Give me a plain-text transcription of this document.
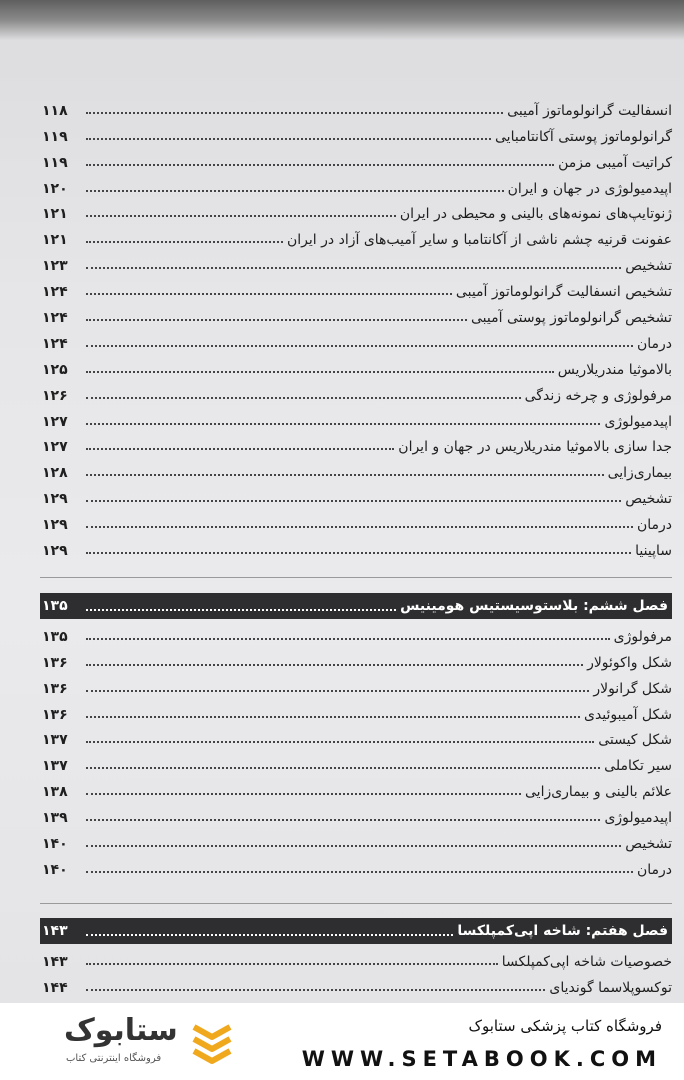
انسفالیت گرانولوماتوز آمیبی
۱۱۸
گرانولوماتوز پوستی آکانتامبایی
۱۱۹
کراتیت آمیبی مزمن
۱۱۹
اپیدمیولوژی در جهان و ایران
۱۲۰
ژنوتایپ‌های نمونه‌های بالینی و محیطی در ایران
۱۲۱
عفونت قرنیه چشم ناشی از آکانتامبا و سایر آمیب‌های آزاد در ایران
۱۲۱
تشخیص
۱۲۳
تشخیص انسفالیت گرانولوماتوز آمیبی
۱۲۴
تشخیص گرانولوماتوز پوستی آمیبی
۱۲۴
درمان
۱۲۴
بالاموثیا مندریلاریس
۱۲۵
مرفولوژی و چرخه زندگی
۱۲۶
اپیدمیولوژی
۱۲۷
جدا سازی بالاموثیا مندریلاریس در جهان و ایران
۱۲۷
بیماری‌زایی
۱۲۸
تشخیص
۱۲۹
درمان
۱۲۹
ساپینیا
۱۲۹
فصل ششم: بلاستوسیستیس هومینیس
۱۳۵
مرفولوژی
۱۳۵
شکل واکوئولار
۱۳۶
شکل گرانولار
۱۳۶
شکل آمیبوئیدی
۱۳۶
شکل کیستی
۱۳۷
سیر تکاملی
۱۳۷
علائم بالینی و بیماری‌زایی
۱۳۸
اپیدمیولوژی
۱۳۹
تشخیص
۱۴۰
درمان
۱۴۰
فصل هفتم: شاخه اپی‌کمپلکسا
۱۴۳
خصوصیات شاخه اپی‌کمپلکسا
۱۴۳
توکسوپلاسما گوندیای
۱۴۴
ستابوک
فروشگاه اینترنتی کتاب
فروشگاه کتاب پزشکی ستابوک
WWW.SETABOOK.COM
